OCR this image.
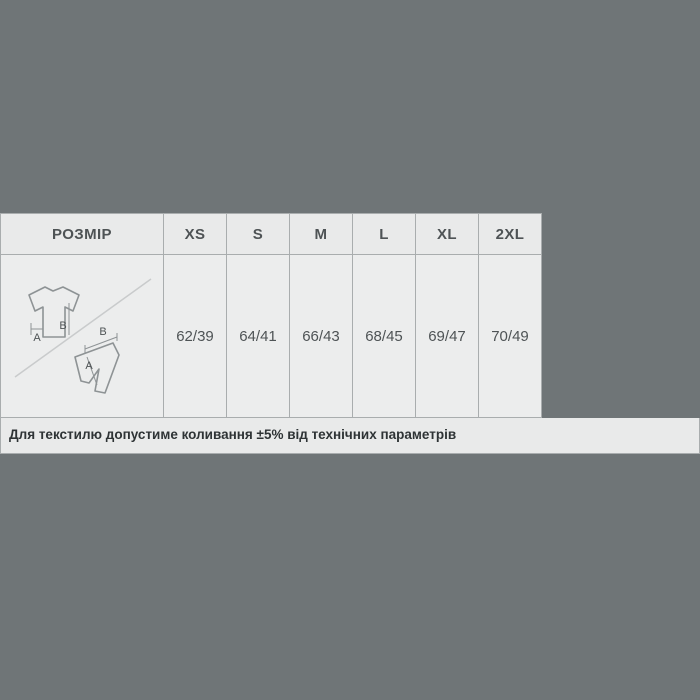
РОЗМІР	XS	S	M	L	XL	2XL

A
B B
A	62/39	64/41	66/43	68/45	69/47	70/49
Для текстилю допустиме коливання ±5% від технічних параметрів
